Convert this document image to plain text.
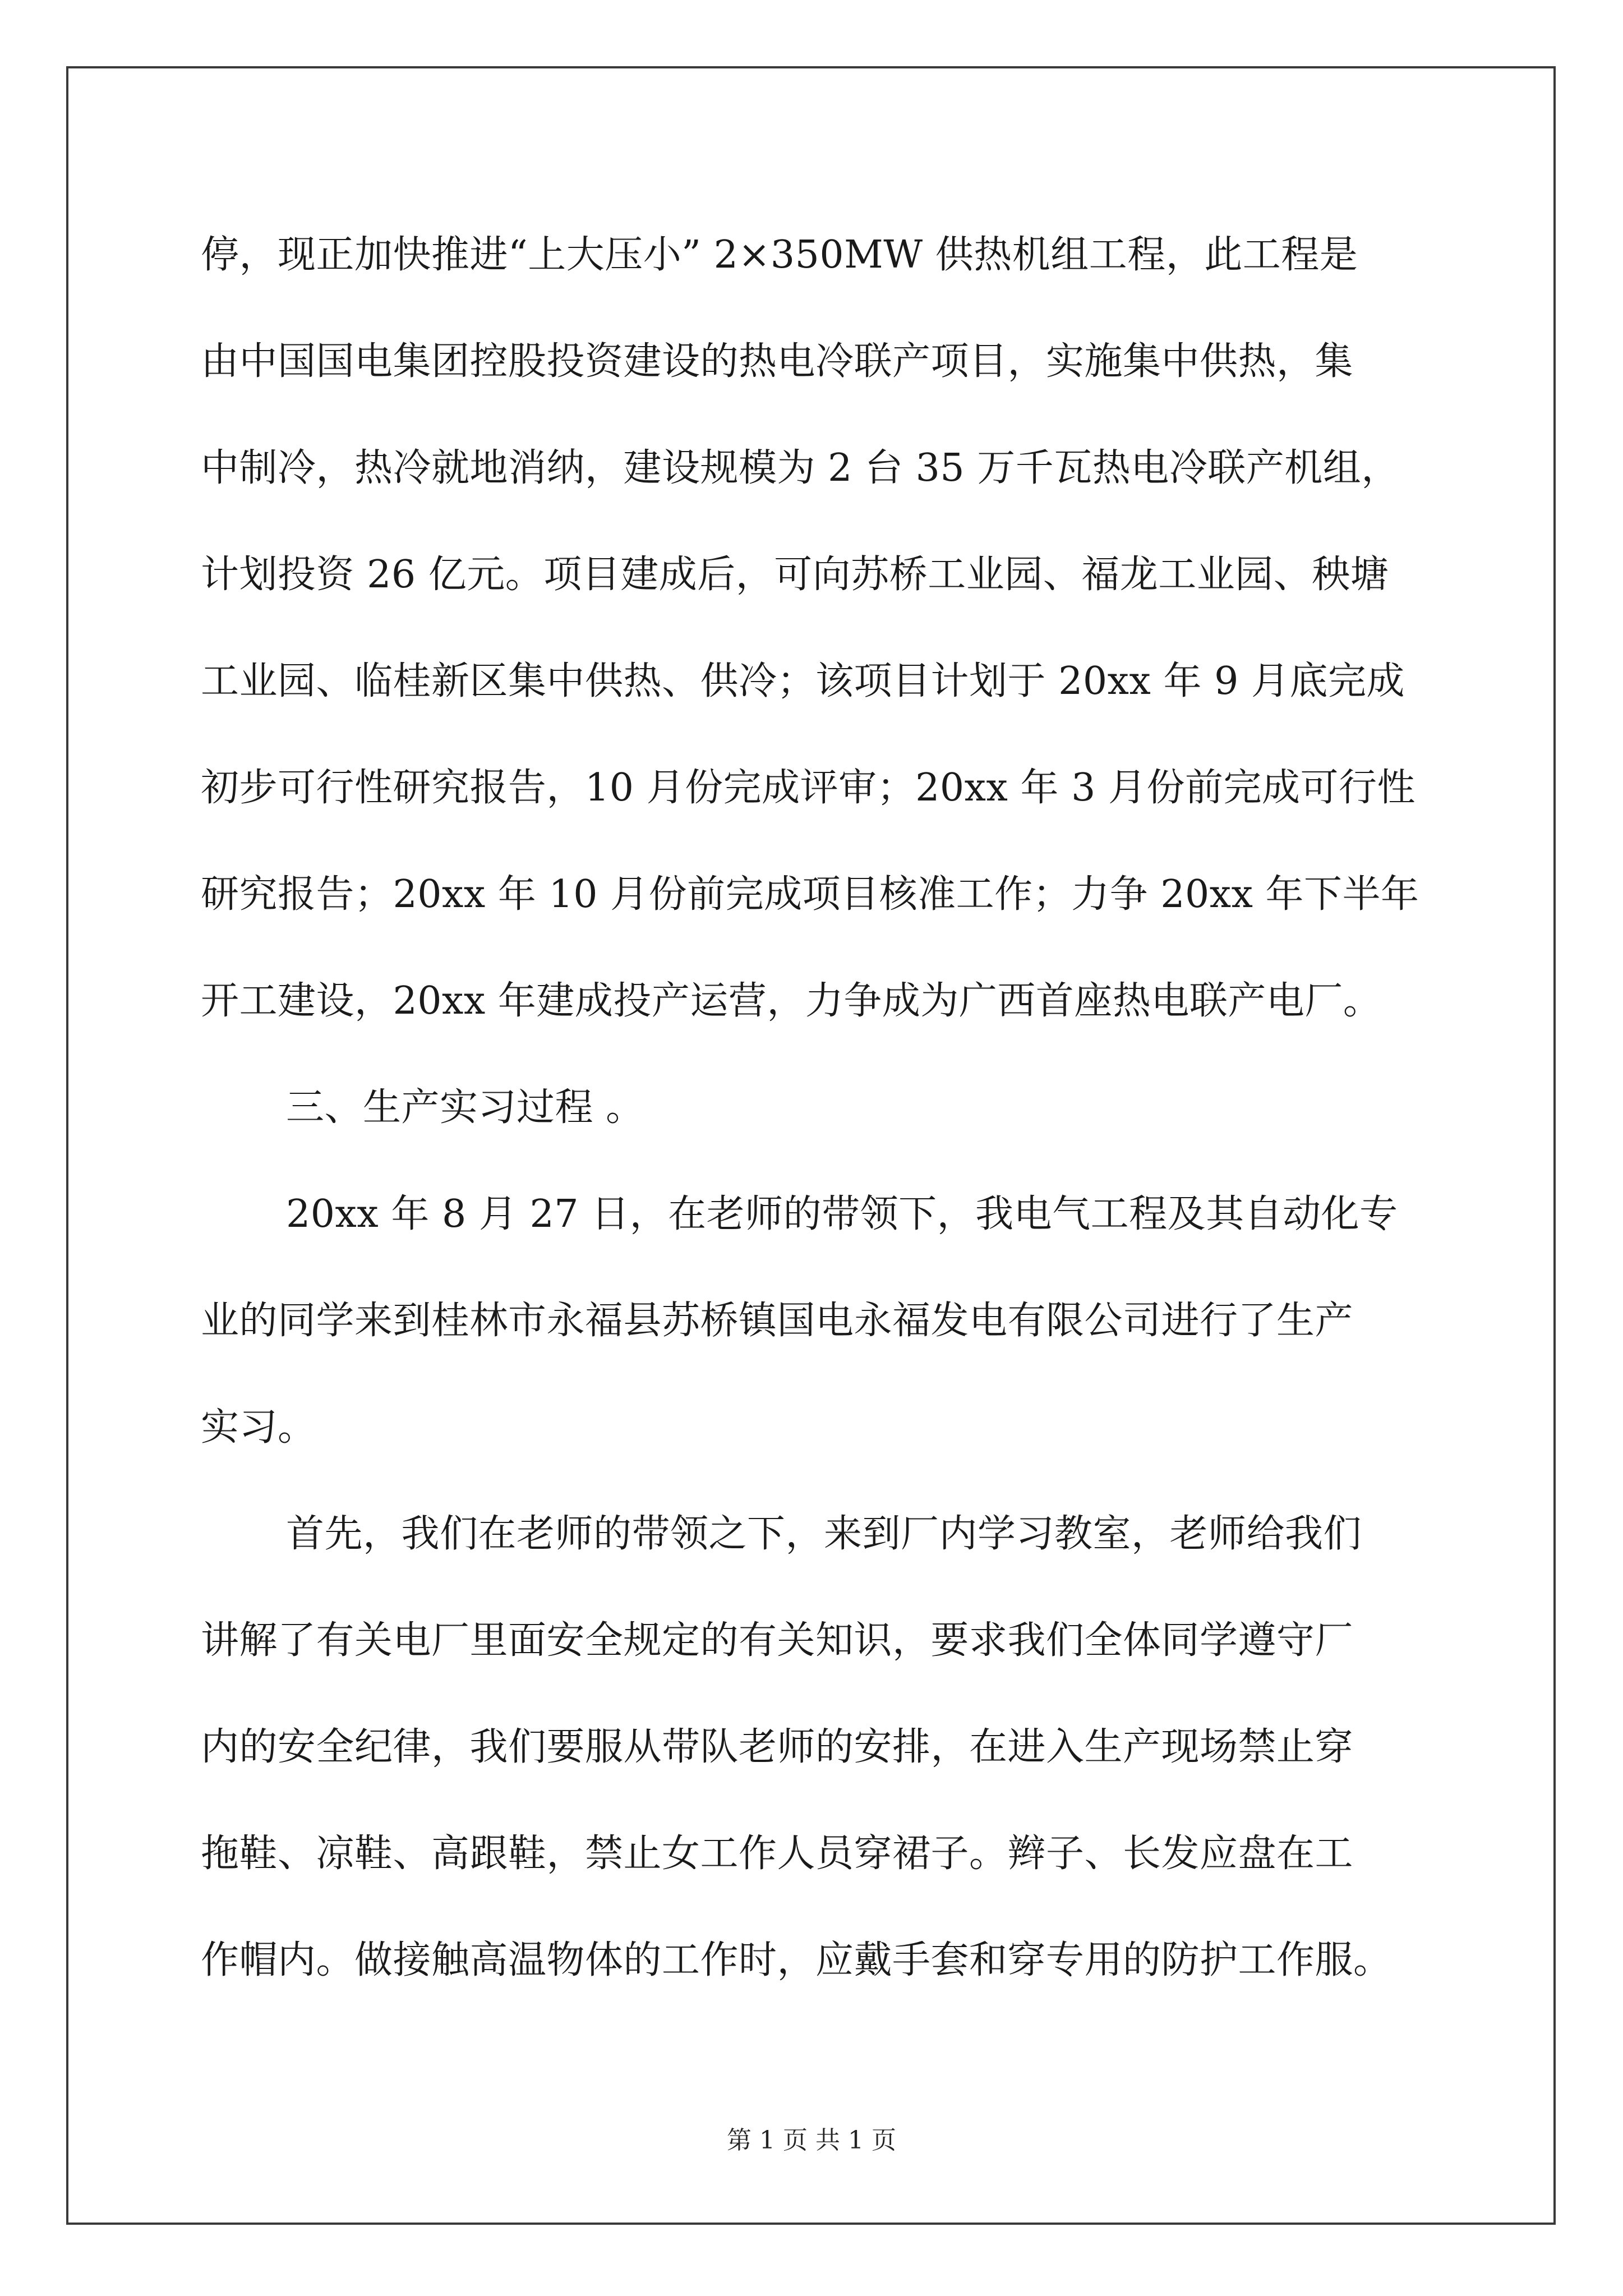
停，现正加快推进“上大压小” 2×350MW 供热机组工程，此工程是
由中国国电集团控股投资建设的热电冷联产项目，实施集中供热，集
中制冷，热冷就地消纳，建设规模为 2 台 35 万千瓦热电冷联产机组，
计划投资 26 亿元。项目建成后，可向苏桥工业园、福龙工业园、秧塘
工业园、临桂新区集中供热、供冷；该项目计划于 20xx 年 9 月底完成
初步可行性研究报告，10 月份完成评审；20xx 年 3 月份前完成可行性
研究报告；20xx 年 10 月份前完成项目核准工作；力争 20xx 年下半年
开工建设，20xx 年建成投产运营，力争成为广西首座热电联产电厂。
三、生产实习过程 。
20xx 年 8 月 27 日，在老师的带领下，我电气工程及其自动化专
业的同学来到桂林市永福县苏桥镇国电永福发电有限公司进行了生产
实习。
首先，我们在老师的带领之下，来到厂内学习教室，老师给我们
讲解了有关电厂里面安全规定的有关知识，要求我们全体同学遵守厂
内的安全纪律，我们要服从带队老师的安排，在进入生产现场禁止穿
拖鞋、凉鞋、高跟鞋，禁止女工作人员穿裙子。辫子、长发应盘在工
作帽内。做接触高温物体的工作时，应戴手套和穿专用的防护工作服。
第 1 页 共 1 页
